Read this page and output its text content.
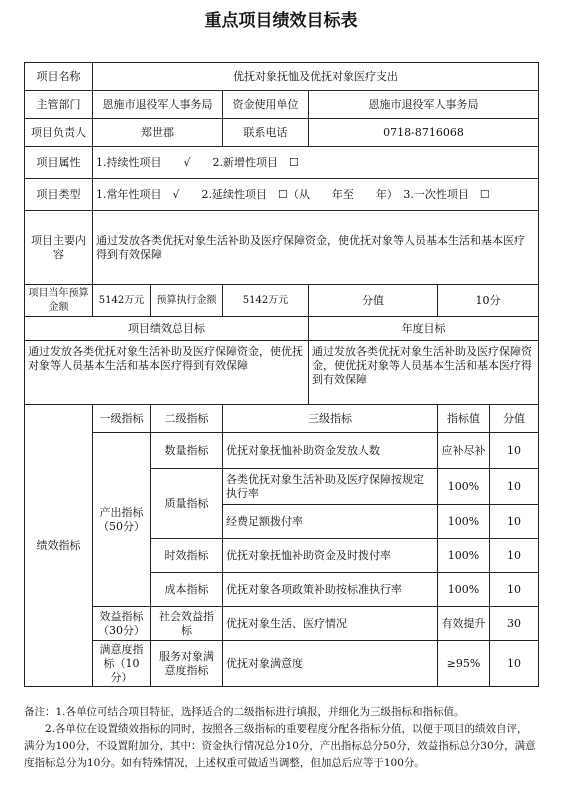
重点项目绩效目标表
项目名称	优抚对象抚恤及优抚对象医疗支出					
主管部门	恩施市退役军人事务局		资金使用单位	恩施市退役军人事务局		
项目负责人	郑世郡		联系电话	0718-8716068		
项目属性	1.持续性项目　　√　　2.新增性项目　☐					
项目类型	1.常年性项目　√　　2.延续性项目　☐（从　　年至　　年）　3.一次性项目　☐					
项目主要内容	通过发放各类优抚对象生活补助及医疗保障资金，使优抚对象等人员基本生活和基本医疗得到有效保障					
项目当年预算金额	5142万元	预算执行金额	5142万元	分值	10分	
项目绩效总目标				年度目标		
通过发放各类优抚对象生活补助及医疗保障资金，使优抚对象等人员基本生活和基本医疗得到有效保障				通过发放各类优抚对象生活补助及医疗保障资金，使优抚对象等人员基本生活和基本医疗得到有效保障		
绩效指标	一级指标	二级指标	三级指标		指标值	分值
	产出指标（50分）	数量指标	优抚对象抚恤补助资金发放人数		应补尽补	10
		质量指标	各类优抚对象生活补助及医疗保障按规定执行率		100%	10
			经费足额拨付率		100%	10
		时效指标	优抚对象抚恤补助资金及时拨付率		100%	10
		成本指标	优抚对象各项政策补助按标准执行率		100%	10
	效益指标（30分）	社会效益指标	优抚对象生活、医疗情况		有效提升	30
	满意度指标（10分）	服务对象满意度指标	优抚对象满意度		≥95%	10

备注：1.各单位可结合项目特征，选择适合的二级指标进行填报，并细化为三级指标和指标值。

2.各单位在设置绩效指标的同时，按照各三级指标的重要程度分配各指标分值，以便于项目的绩效自评，满分为100分，不设置附加分，其中：资金执行情况总分10分，产出指标总分50分，效益指标总分30分，满意度指标总分为10分。如有特殊情况，上述权重可做适当调整，但加总后应等于100分。
